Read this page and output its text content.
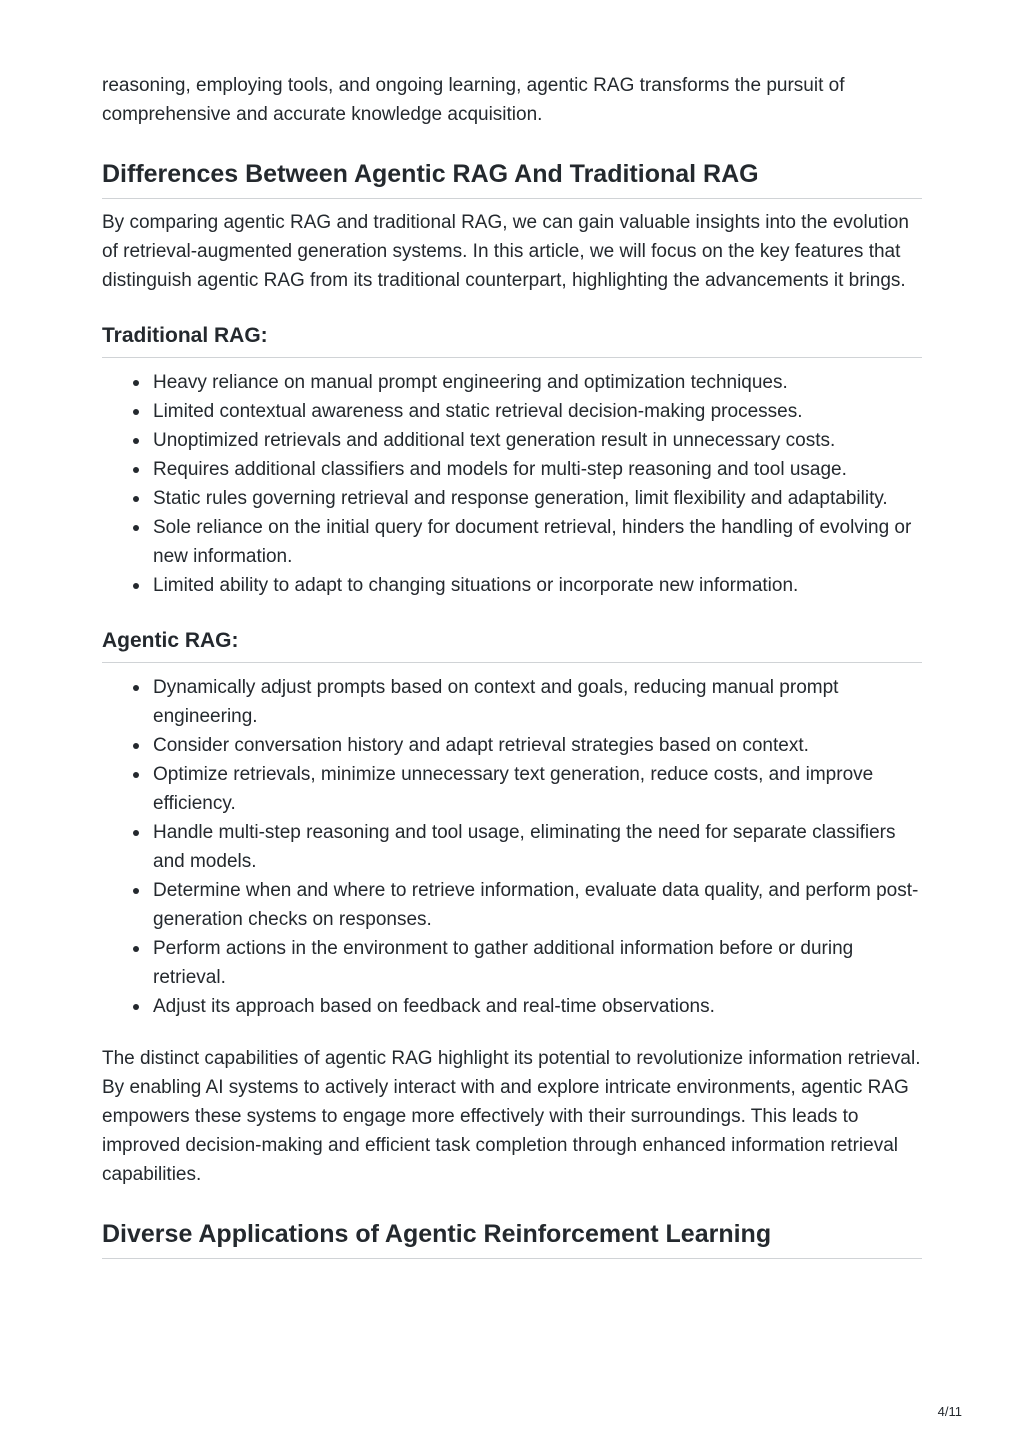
reasoning, employing tools, and ongoing learning, agentic RAG transforms the pursuit of comprehensive and accurate knowledge acquisition.

Differences Between Agentic RAG And Traditional RAG

By comparing agentic RAG and traditional RAG, we can gain valuable insights into the evolution of retrieval-augmented generation systems. In this article, we will focus on the key features that distinguish agentic RAG from its traditional counterpart, highlighting the advancements it brings.

Traditional RAG:
Heavy reliance on manual prompt engineering and optimization techniques.
Limited contextual awareness and static retrieval decision-making processes.
Unoptimized retrievals and additional text generation result in unnecessary costs.
Requires additional classifiers and models for multi-step reasoning and tool usage.
Static rules governing retrieval and response generation, limit flexibility and adaptability.
Sole reliance on the initial query for document retrieval, hinders the handling of evolving or new information.
Limited ability to adapt to changing situations or incorporate new information.
Agentic RAG:
Dynamically adjust prompts based on context and goals, reducing manual prompt engineering.
Consider conversation history and adapt retrieval strategies based on context.
Optimize retrievals, minimize unnecessary text generation, reduce costs, and improve efficiency.
Handle multi-step reasoning and tool usage, eliminating the need for separate classifiers and models.
Determine when and where to retrieve information, evaluate data quality, and perform post-generation checks on responses.
Perform actions in the environment to gather additional information before or during retrieval.
Adjust its approach based on feedback and real-time observations.

The distinct capabilities of agentic RAG highlight its potential to revolutionize information retrieval. By enabling AI systems to actively interact with and explore intricate environments, agentic RAG empowers these systems to engage more effectively with their surroundings. This leads to improved decision-making and efficient task completion through enhanced information retrieval capabilities.

Diverse Applications of Agentic Reinforcement Learning
4/11
